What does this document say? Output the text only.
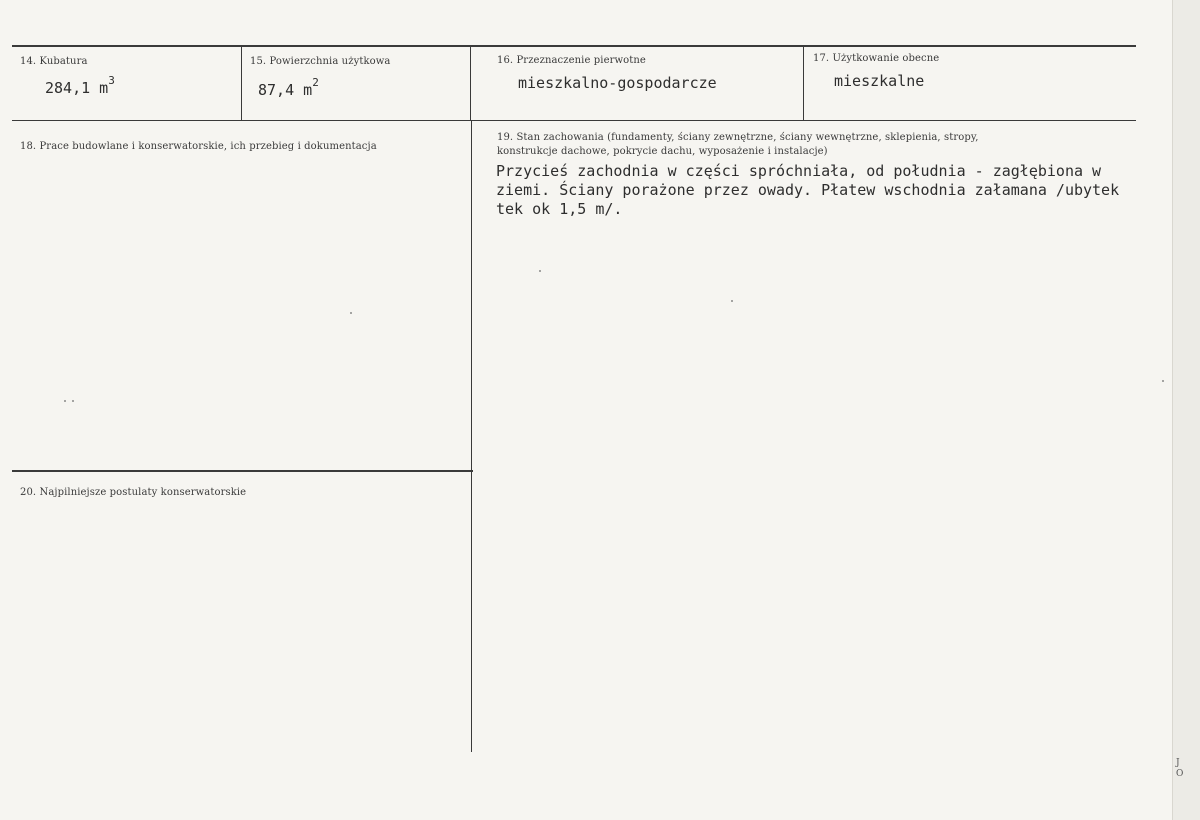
14. Kubatura
284,1 $m^3$
15. Powierzchnia użytkowa
87,4 $m^2$
16. Przeznaczenie pierwotne
mieszkalno-gospodarcze
17. Użytkowanie obecne
mieszkalne
18. Prace budowlane i konserwatorskie, ich przebieg i dokumentacja
19. Stan zachowania (fundamenty, ściany zewnętrzne, ściany wewnętrzne, sklepienia, stropy,
konstrukcje dachowe, pokrycie dachu, wyposażenie i instalacje)
Przycieś zachodnia w części spróchniała, od południa - zagłębiona w
ziemi. Ściany porażone przez owady. Płatew wschodnia załamana /ubytek
tek ok 1,5 m/.
20. Najpilniejsze postulaty konserwatorskie
J
O
